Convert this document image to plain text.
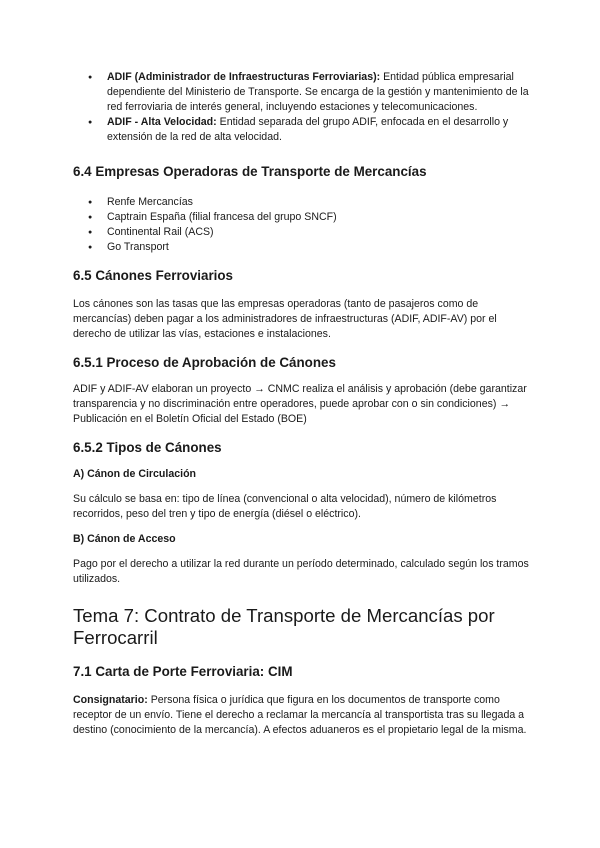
● ADIF (Administrador de Infraestructuras Ferroviarias): Entidad pública empresarial dependiente del Ministerio de Transporte. Se encarga de la gestión y mantenimiento de la red ferroviaria de interés general, incluyendo estaciones y telecomunicaciones.
● ADIF - Alta Velocidad: Entidad separada del grupo ADIF, enfocada en el desarrollo y extensión de la red de alta velocidad.
6.4 Empresas Operadoras de Transporte de Mercancías
● Renfe Mercancías
● Captrain España (filial francesa del grupo SNCF)
● Continental Rail (ACS)
● Go Transport
6.5 Cánones Ferroviarios

Los cánones son las tasas que las empresas operadoras (tanto de pasajeros como de mercancías) deben pagar a los administradores de infraestructuras (ADIF, ADIF-AV) por el derecho de utilizar las vías, estaciones e instalaciones.

6.5.1 Proceso de Aprobación de Cánones

ADIF y ADIF-AV elaboran un proyecto → CNMC realiza el análisis y aprobación (debe garantizar transparencia y no discriminación entre operadores, puede aprobar con o sin condiciones) → Publicación en el Boletín Oficial del Estado (BOE)

6.5.2 Tipos de Cánones
A) Cánon de Circulación

Su cálculo se basa en: tipo de línea (convencional o alta velocidad), número de kilómetros recorridos, peso del tren y tipo de energía (diésel o eléctrico).

B) Cánon de Acceso

Pago por el derecho a utilizar la red durante un período determinado, calculado según los tramos utilizados.

Tema 7: Contrato de Transporte de Mercancías por Ferrocarril
7.1 Carta de Porte Ferroviaria: CIM

Consignatario: Persona física o jurídica que figura en los documentos de transporte como receptor de un envío. Tiene el derecho a reclamar la mercancía al transportista tras su llegada a destino (conocimiento de la mercancía). A efectos aduaneros es el propietario legal de la misma.
